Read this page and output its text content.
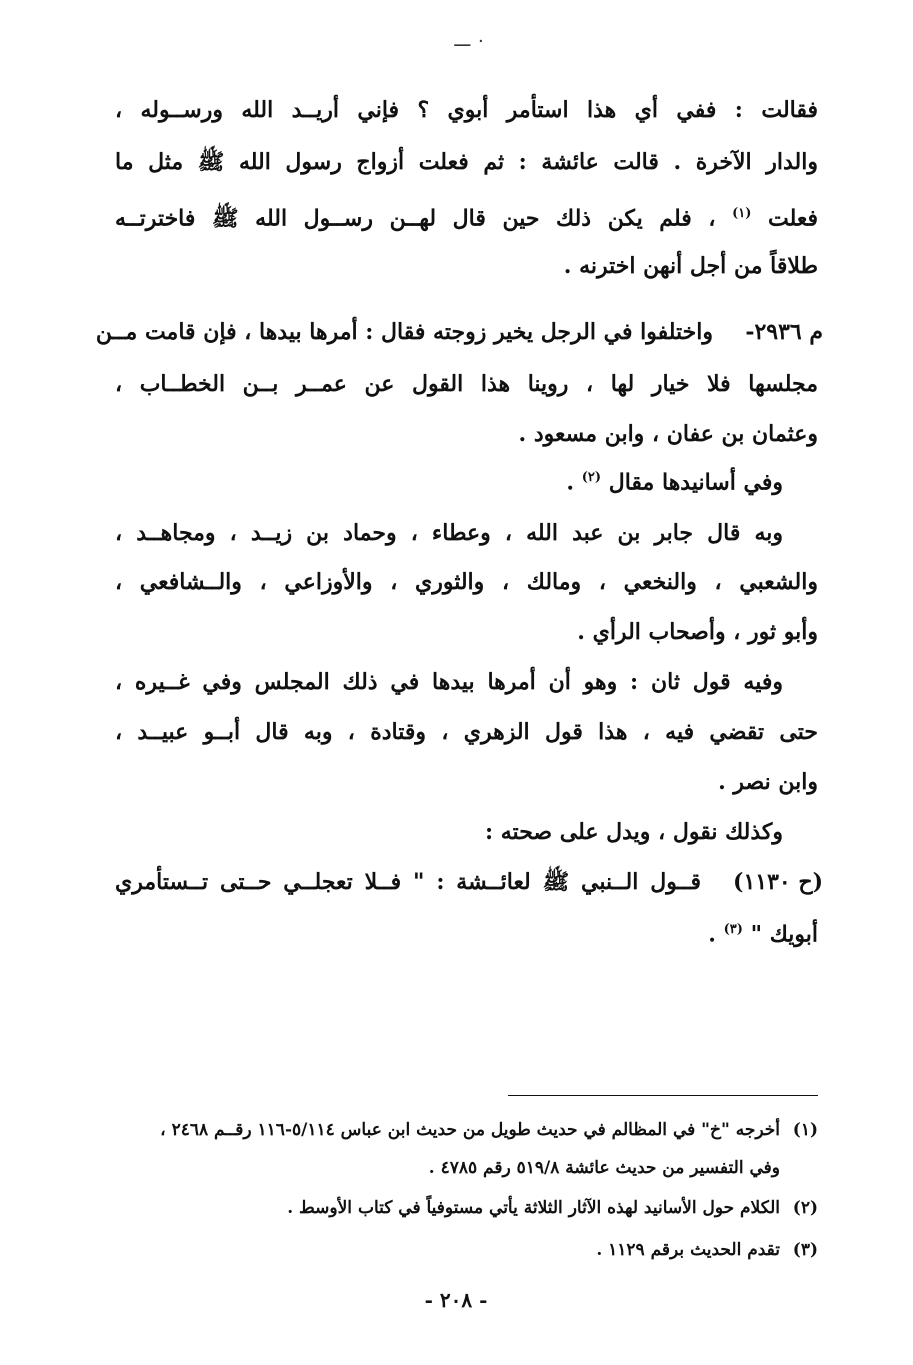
٠ ـــ
فقالت : ففي أي هذا استأمر أبوي ؟ فإني أريــد الله ورســوله ،
والدار الآخرة . قالت عائشة : ثم فعلت أزواج رسول الله ﷺ مثل ما
فعلت $^{(١)}$ ، فلم يكن ذلك حين قال لهــن رســول الله ﷺ فاخترتــه
طلاقاً من أجل أنهن اخترنه .
م ٢٩٣٦-
واختلفوا في الرجل يخير زوجته فقال : أمرها بيدها ، فإن قامت مــن
مجلسها فلا خيار لها ، روينا هذا القول عن عمــر بــن الخطــاب ،
وعثمان بن عفان ، وابن مسعود .
وفي أسانيدها مقال $^{(٢)}$ .
وبه قال جابر بن عبد الله ، وعطاء ، وحماد بن زيــد ، ومجاهــد ،
والشعبي ، والنخعي ، ومالك ، والثوري ، والأوزاعي ، والــشافعي ،
وأبو ثور ، وأصحاب الرأي .
وفيه قول ثان : وهو أن أمرها بيدها في ذلك المجلس وفي غــيره ،
حتى تقضي فيه ، هذا قول الزهري ، وقتادة ، وبه قال أبــو عبيــد ،
وابن نصر .
وكذلك نقول ، ويدل على صحته :
(ح ١١٣٠)
قــول الــنبي ﷺ لعائــشة : " فــلا تعجلــي حــتى تــستأمري
أبويك " $^{(٣)}$ .
(١)أخرجه "خ" في المظالم في حديث طويل من حديث ابن عباس ٥/١١٤-١١٦ رقــم ٢٤٦٨ ،
وفي التفسير من حديث عائشة ٥١٩/٨ رقم ٤٧٨٥ .
(٢)الكلام حول الأسانيد لهذه الآثار الثلاثة يأتي مستوفياً في كتاب الأوسط .
(٣)تقدم الحديث برقم ١١٢٩ .
- ٢٠٨ -
